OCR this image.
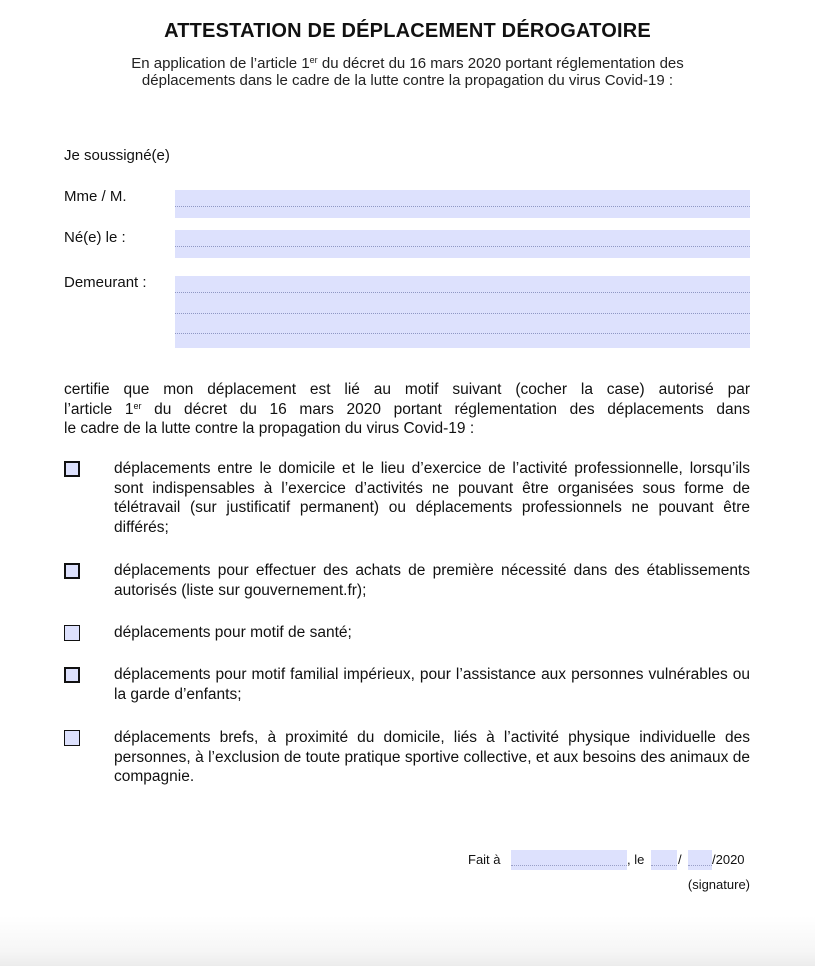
ATTESTATION DE DÉPLACEMENT DÉROGATOIRE
En application de l’article 1er du décret du 16 mars 2020 portant réglementation des
déplacements dans le cadre de la lutte contre la propagation du virus Covid-19 :
Je soussigné(e)
Mme / M.
Né(e) le :
Demeurant :
certifie que mon déplacement est lié au motif suivant (cocher la case) autorisé par
l’article 1er du décret du 16 mars 2020 portant réglementation des déplacements dans
le cadre de la lutte contre la propagation du virus Covid-19 :
déplacements entre le domicile et le lieu d’exercice de l’activité professionnelle, lorsqu’ils sont indispensables à l’exercice d’activités ne pouvant être organisées sous forme de télétravail (sur justificatif permanent) ou déplacements professionnels ne pouvant être différés;
déplacements pour effectuer des achats de première nécessité dans des établissements autorisés (liste sur gouvernement.fr);
déplacements pour motif de santé;
déplacements pour motif familial impérieux, pour l’assistance aux personnes vulnérables ou la garde d’enfants;
déplacements brefs, à proximité du domicile, liés à l’activité physique individuelle des personnes, à l’exclusion de toute pratique sportive collective, et aux besoins des animaux de compagnie.
Fait à	, le	/ /2020
(signature)
